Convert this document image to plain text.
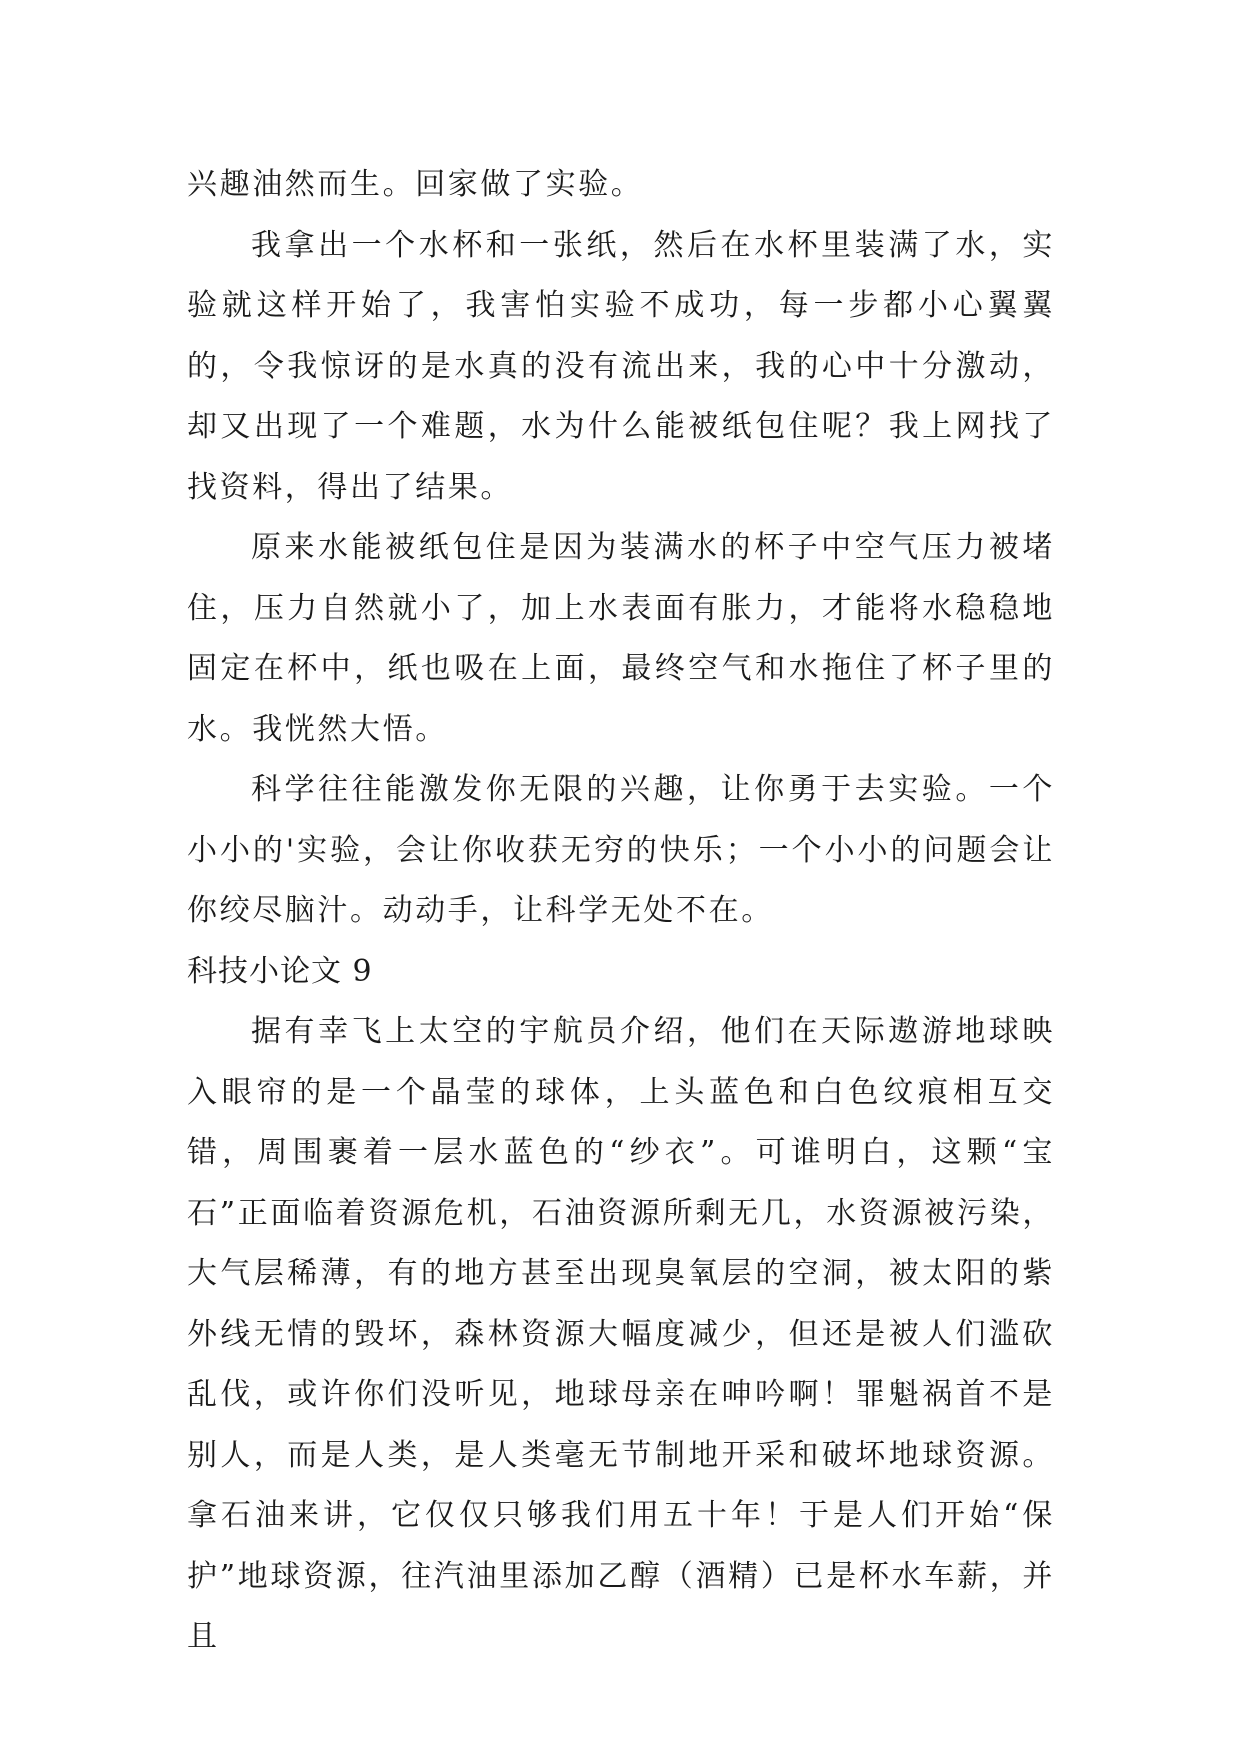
兴趣油然而生。回家做了实验。

我拿出一个水杯和一张纸，然后在水杯里装满了水，实验就这样开始了，我害怕实验不成功，每一步都小心翼翼的，令我惊讶的是水真的没有流出来，我的心中十分激动，却又出现了一个难题，水为什么能被纸包住呢？我上网找了找资料，得出了结果。

原来水能被纸包住是因为装满水的杯子中空气压力被堵住，压力自然就小了，加上水表面有胀力，才能将水稳稳地固定在杯中，纸也吸在上面，最终空气和水拖住了杯子里的水。我恍然大悟。

科学往往能激发你无限的兴趣，让你勇于去实验。一个小小的'实验，会让你收获无穷的快乐；一个小小的问题会让你绞尽脑汁。动动手，让科学无处不在。

科技小论文 9

据有幸飞上太空的宇航员介绍，他们在天际遨游地球映入眼帘的是一个晶莹的球体，上头蓝色和白色纹痕相互交错，周围裹着一层水蓝色的“纱衣”。可谁明白，这颗“宝石”正面临着资源危机，石油资源所剩无几，水资源被污染，大气层稀薄，有的地方甚至出现臭氧层的空洞，被太阳的紫外线无情的毁坏，森林资源大幅度减少，但还是被人们滥砍乱伐，或许你们没听见，地球母亲在呻吟啊！罪魁祸首不是别人，而是人类，是人类毫无节制地开采和破坏地球资源。拿石油来讲，它仅仅只够我们用五十年！于是人们开始“保护”地球资源，往汽油里添加乙醇（酒精）已是杯水车薪，并且
